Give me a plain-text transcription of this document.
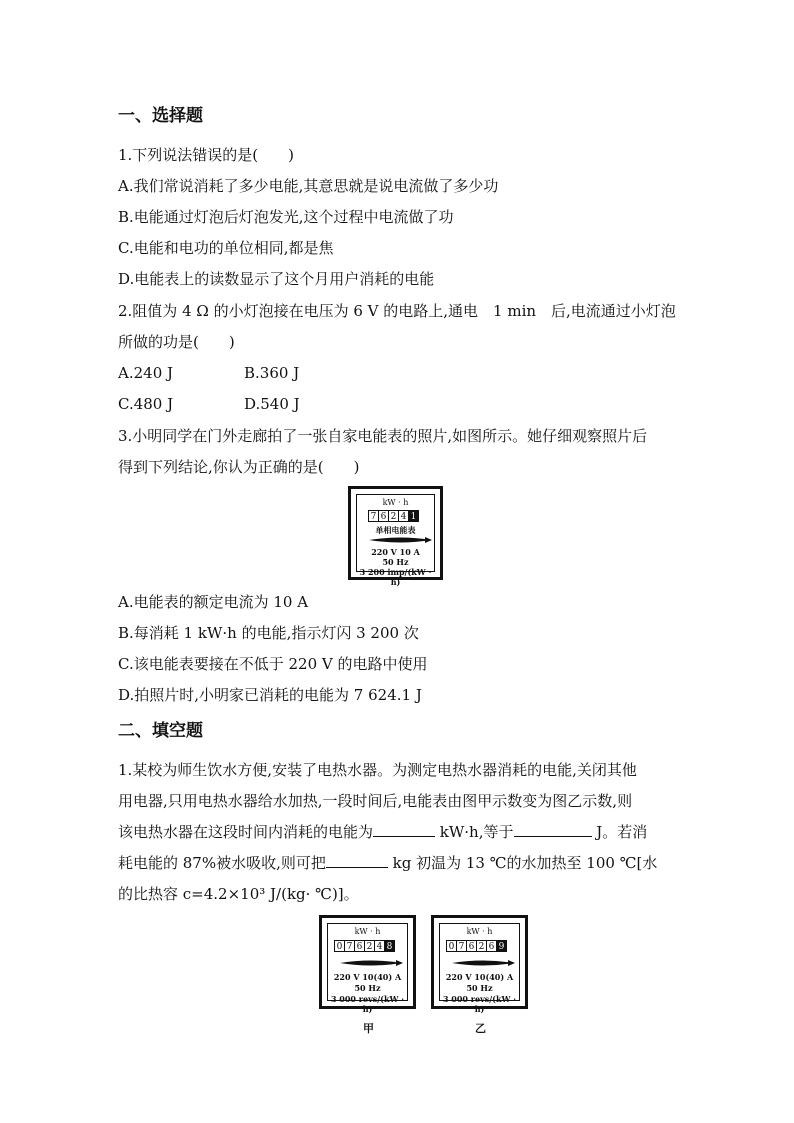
一、选择题
1.下列说法错误的是(　　)
A.我们常说消耗了多少电能,其意思就是说电流做了多少功
B.电能通过灯泡后灯泡发光,这个过程中电流做了功
C.电能和电功的单位相同,都是焦
D.电能表上的读数显示了这个月用户消耗的电能
2.阻值为 4 Ω 的小灯泡接在电压为 6 V 的电路上,通电　1 min　后,电流通过小灯泡
所做的功是(　　)
A.240 J	B.360 J
C.480 J	D.540 J
3.小明同学在门外走廊拍了一张自家电能表的照片,如图所示。她仔细观察照片后
得到下列结论,你认为正确的是(　　)
kW · h
7 6 2 4 1
单相电能表
220 V 10 A
50 Hz
3 200 imp/(kW · h)
A.电能表的额定电流为 10 A
B.每消耗 1 kW·h 的电能,指示灯闪 3 200 次
C.该电能表要接在不低于 220 V 的电路中使用
D.拍照片时,小明家已消耗的电能为 7 624.1 J
二、填空题
1.某校为师生饮水方便,安装了电热水器。为测定电热水器消耗的电能,关闭其他
用电器,只用电热水器给水加热,一段时间后,电能表由图甲示数变为图乙示数,则
该电热水器在这段时间内消耗的电能为	kW·h,等于	J。若消
耗电能的 87%被水吸收,则可把	kg 初温为 13 ℃的水加热至 100 ℃[水
的比热容 c=4.2×10³ J/(kg· ℃)]。
kW · h
0 7 6 2 4 8
220 V 10(40) A
50 Hz
3 000 revs/(kW · h)
甲
kW · h
0 7 6 2 6 9
220 V 10(40) A
50 Hz
3 000 revs/(kW · h)
乙
